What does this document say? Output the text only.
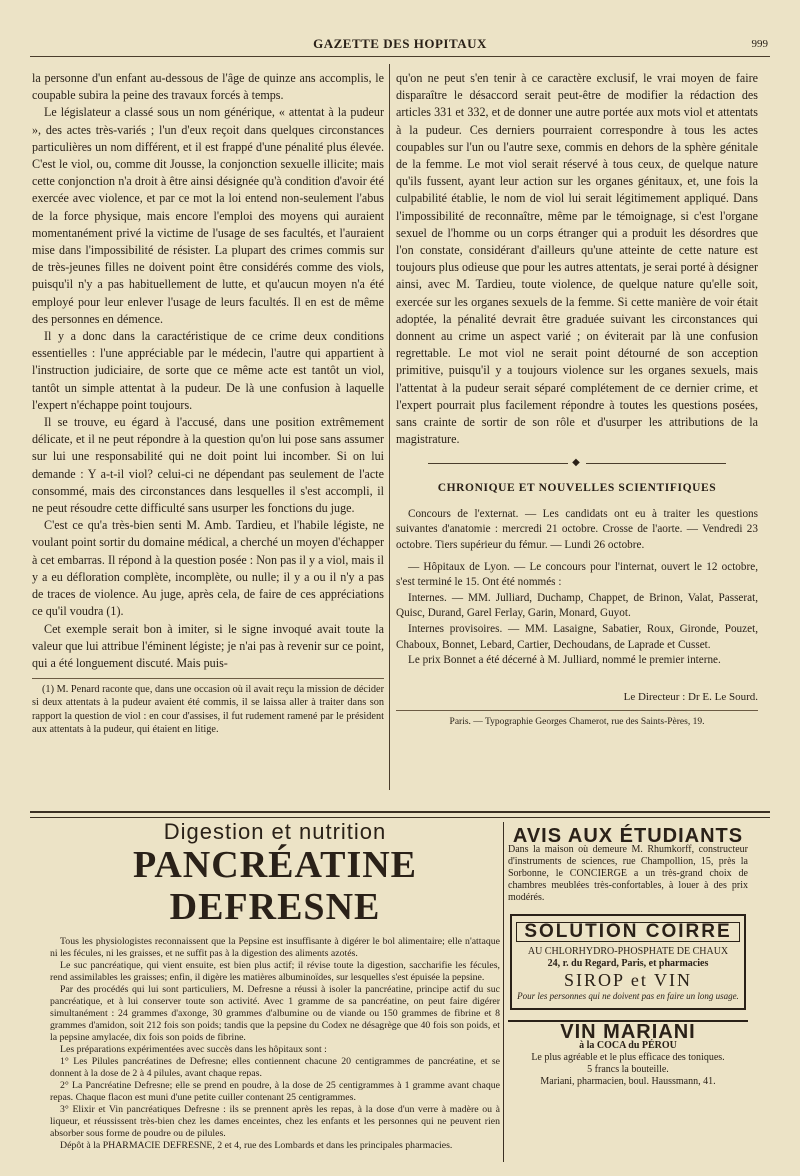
GAZETTE DES HOPITAUX	999

la personne d'un enfant au-dessous de l'âge de quinze ans accomplis, le coupable subira la peine des travaux forcés à temps.

Le législateur a classé sous un nom générique, « attentat à la pudeur », des actes très-variés ; l'un d'eux reçoit dans quelques circonstances particulières un nom différent, et il est frappé d'une pénalité plus élevée. C'est le viol, ou, comme dit Jousse, la conjonction sexuelle illicite; mais cette conjonction n'a droit à être ainsi désignée qu'à condition d'avoir été exercée avec violence, et par ce mot la loi entend non-seulement l'abus de la force physique, mais encore l'emploi des moyens qui auraient momentanément privé la victime de l'usage de ses facultés, et l'auraient mise dans l'impossibilité de résister. La plupart des crimes commis sur de très-jeunes filles ne doivent point être considérés comme des viols, puisqu'il n'y a pas habituellement de lutte, et qu'aucun moyen n'a été employé pour leur enlever l'usage de leurs facultés. Il en est de même des personnes en démence.

Il y a donc dans la caractéristique de ce crime deux conditions essentielles : l'une appréciable par le médecin, l'autre qui appartient à l'instruction judiciaire, de sorte que ce même acte est tantôt un viol, tantôt un simple attentat à la pudeur. De là une confusion à laquelle l'expert n'échappe point toujours.

Il se trouve, eu égard à l'accusé, dans une position extrêmement délicate, et il ne peut répondre à la question qu'on lui pose sans assumer sur lui une responsabilité qui ne doit point lui incomber. Si on lui demande : Y a-t-il viol? celui-ci ne dépendant pas seulement de l'acte consommé, mais des circonstances dans lesquelles il s'est accompli, il ne peut résoudre cette difficulté sans usurper les fonctions du juge.

C'est ce qu'a très-bien senti M. Amb. Tardieu, et l'habile légiste, ne voulant point sortir du domaine médical, a cherché un moyen d'échapper à cet embarras. Il répond à la question posée : Non pas il y a viol, mais il y a eu défloration complète, incomplète, ou nulle; il y a ou il n'y a pas de traces de violence. Au juge, après cela, de faire de ces appréciations ce qu'il voudra (1).

Cet exemple serait bon à imiter, si le signe invoqué avait toute la valeur que lui attribue l'éminent légiste; je n'ai pas à revenir sur ce point, qui a été longuement discuté. Mais puis-

(1) M. Penard raconte que, dans une occasion où il avait reçu la mission de décider si deux attentats à la pudeur avaient été commis, il se laissa aller à traiter dans son rapport la question de viol : en cour d'assises, il fut rudement ramené par le président aux attentats à la pudeur, qui étaient en litige.

qu'on ne peut s'en tenir à ce caractère exclusif, le vrai moyen de faire disparaître le désaccord serait peut-être de modifier la rédaction des articles 331 et 332, et de donner une autre portée aux mots viol et attentats à la pudeur. Ces derniers pourraient correspondre à tous les actes coupables sur l'un ou l'autre sexe, commis en dehors de la sphère génitale de la femme. Le mot viol serait réservé à tous ceux, de quelque nature qu'ils fussent, ayant leur action sur les organes génitaux, et, une fois la culpabilité établie, le nom de viol lui serait légitimement appliqué. Dans l'impossibilité de reconnaître, même par le témoignage, si c'est l'organe sexuel de l'homme ou un corps étranger qui a produit les désordres que l'on constate, considérant d'ailleurs qu'une atteinte de cette nature est toujours plus odieuse que pour les autres attentats, je serai porté à désigner ainsi, avec M. Tardieu, toute violence, de quelque nature qu'elle soit, exercée sur les organes sexuels de la femme. Si cette manière de voir était adoptée, la pénalité devrait être graduée suivant les circonstances qui donnent au crime un aspect varié ; on éviterait par là une confusion regrettable. Le mot viol ne serait point détourné de son acception primitive, puisqu'il y a toujours violence sur les organes sexuels, mais l'attentat à la pudeur serait séparé complétement de ce dernier crime, et l'expert pourrait plus facilement répondre à toutes les questions posées, sans crainte de sortir de son rôle et d'usurper les attributions de la magistrature.

◆
CHRONIQUE ET NOUVELLES SCIENTIFIQUES

Concours de l'externat. — Les candidats ont eu à traiter les questions suivantes d'anatomie : mercredi 21 octobre. Crosse de l'aorte. — Vendredi 23 octobre. Tiers supérieur du fémur. — Lundi 26 octobre.

— Hôpitaux de Lyon. — Le concours pour l'internat, ouvert le 12 octobre, s'est terminé le 15. Ont été nommés :

Internes. — MM. Julliard, Duchamp, Chappet, de Brinon, Valat, Passerat, Quisc, Durand, Garel Ferlay, Garin, Monard, Guyot.

Internes provisoires. — MM. Lasaigne, Sabatier, Roux, Gironde, Pouzet, Chaboux, Bonnet, Lebard, Cartier, Dechoudans, de Laprade et Cusset.

Le prix Bonnet a été décerné à M. Julliard, nommé le premier interne.

Le Directeur : Dr E. Le Sourd.
Paris. — Typographie Georges Chamerot, rue des Saints-Pères, 19.
Digestion et nutrition
PANCRÉATINE DEFRESNE

Tous les physiologistes reconnaissent que la Pepsine est insuffisante à digérer le bol alimentaire; elle n'attaque ni les fécules, ni les graisses, et ne suffit pas à la digestion des aliments azotés.

Le suc pancréatique, qui vient ensuite, est bien plus actif; il révise toute la digestion, saccharifie les fécules, rend assimilables les graisses; enfin, il digère les matières albuminoïdes, sur lesquelles s'est épuisée la pepsine.

Par des procédés qui lui sont particuliers, M. Defresne a réussi à isoler la pancréatine, principe actif du suc pancréatique, et à lui conserver toute son activité. Avec 1 gramme de sa pancréatine, on peut faire digérer simultanément : 24 grammes d'axonge, 30 grammes d'albumine ou de viande ou 150 grammes de fibrine et 8 grammes d'amidon, soit 212 fois son poids; tandis que la pepsine du Codex ne désagrège que 40 fois son poids, et la pepsine amylacée, dix fois son poids de fibrine.

Les préparations expérimentées avec succès dans les hôpitaux sont :

1° Les Pilules pancréatines de Defresne; elles contiennent chacune 20 centigrammes de pancréatine, et se donnent à la dose de 2 à 4 pilules, avant chaque repas.

2° La Pancréatine Defresne; elle se prend en poudre, à la dose de 25 centigrammes à 1 gramme avant chaque repas. Chaque flacon est muni d'une petite cuiller contenant 25 centigrammes.

3° Elixir et Vin pancréatiques Defresne : ils se prennent après les repas, à la dose d'un verre à madère ou à liqueur, et réussissent très-bien chez les dames enceintes, chez les enfants et les personnes qui ne peuvent rien absorber sous forme de poudre ou de pilules.

Dépôt à la PHARMACIE DEFRESNE, 2 et 4, rue des Lombards et dans les principales pharmacies.

AVIS AUX ÉTUDIANTS
Dans la maison où demeure M. Rhumkorff, constructeur d'instruments de sciences, rue Champollion, 15, près la Sorbonne, le CONCIERGE a un très-grand choix de chambres meublées très-confortables, à louer à des prix modérés.
SOLUTION COIRRE
AU CHLORHYDRO-PHOSPHATE DE CHAUX
24, r. du Regard, Paris, et pharmacies
SIROP et VIN
Pour les personnes qui ne doivent pas en faire un long usage.
VIN MARIANI
à la COCA du PÉROU
Le plus agréable et le plus efficace des toniques.
5 francs la bouteille.
Mariani, pharmacien, boul. Haussmann, 41.
